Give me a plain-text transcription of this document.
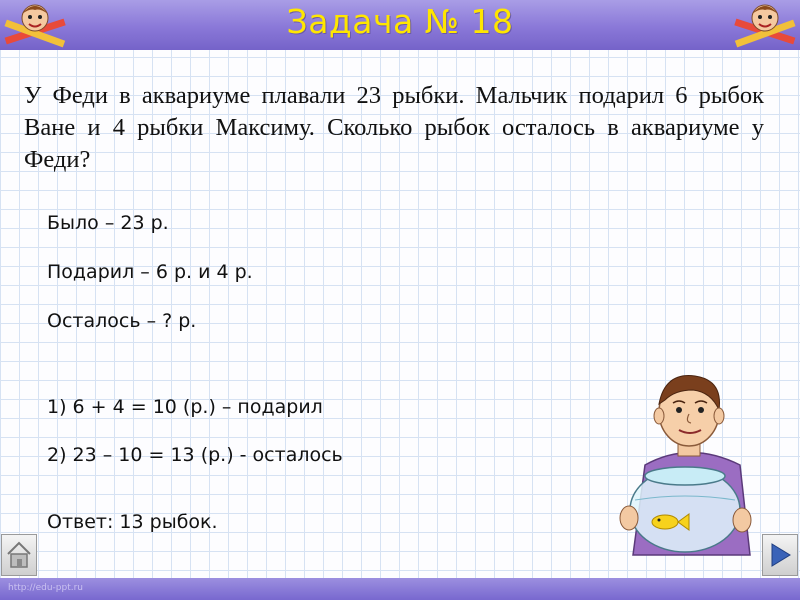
Задача № 18
У Феди в аквариуме плавали 23 рыбки. Мальчик подарил 6 рыбок Ване и 4 рыбки Максиму. Сколько рыбок осталось в аквариуме у Феди?
Было – 23 р.
Подарил – 6 р. и 4 р.
Осталось – ? р.
1) 6 + 4 = 10 (р.) – подарил
2) 23 – 10 = 13 (р.) - осталось
Ответ: 13 рыбок.
http://edu-ppt.ru
